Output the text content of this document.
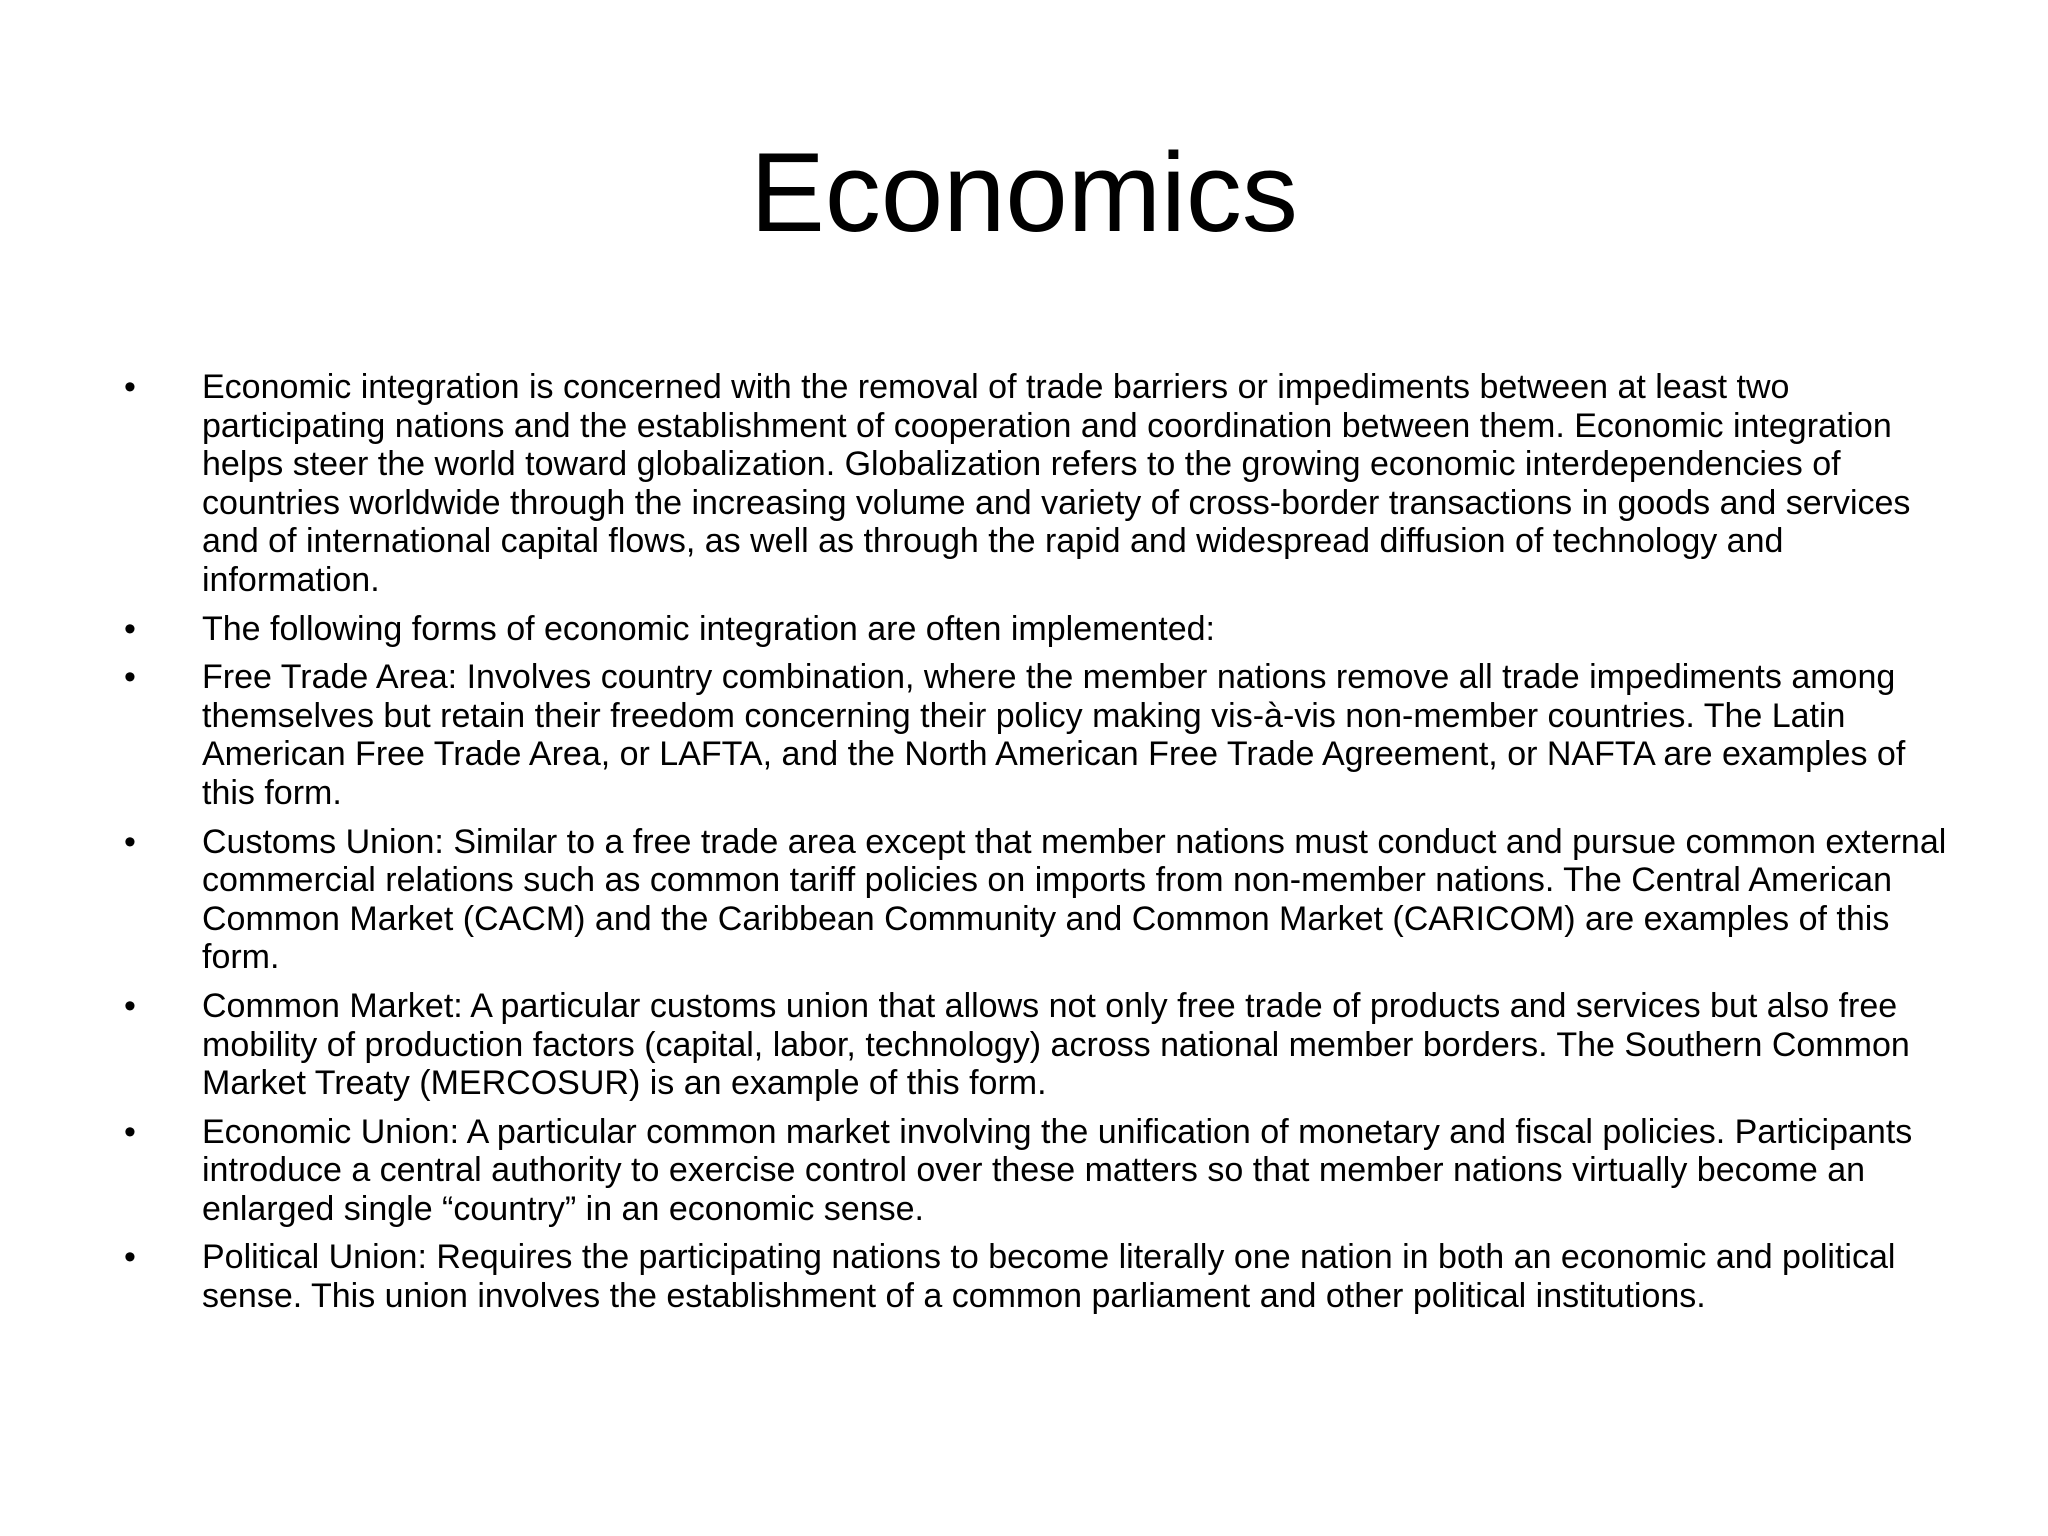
Economics
• Economic integration is concerned with the removal of trade barriers or impediments between at least two participating nations and the establishment of cooperation and coordination between them. Economic integration helps steer the world toward globalization. Globalization refers to the growing economic interdependencies of countries worldwide through the increasing volume and variety of cross-border transactions in goods and services and of international capital flows, as well as through the rapid and widespread diffusion of technology and information.
• The following forms of economic integration are often implemented:
• Free Trade Area: Involves country combination, where the member nations remove all trade impediments among themselves but retain their freedom concerning their policy making vis-à-vis non-member countries. The Latin American Free Trade Area, or LAFTA, and the North American Free Trade Agreement, or NAFTA are examples of this form.
• Customs Union: Similar to a free trade area except that member nations must conduct and pursue common external commercial relations such as common tariff policies on imports from non-member nations. The Central American Common Market (CACM) and the Caribbean Community and Common Market (CARICOM) are examples of this form.
• Common Market: A particular customs union that allows not only free trade of products and services but also free mobility of production factors (capital, labor, technology) across national member borders. The Southern Common Market Treaty (MERCOSUR) is an example of this form.
• Economic Union: A particular common market involving the unification of monetary and fiscal policies. Participants introduce a central authority to exercise control over these matters so that member nations virtually become an enlarged single “country” in an economic sense.
• Political Union: Requires the participating nations to become literally one nation in both an economic and political sense. This union involves the establishment of a common parliament and other political institutions.
